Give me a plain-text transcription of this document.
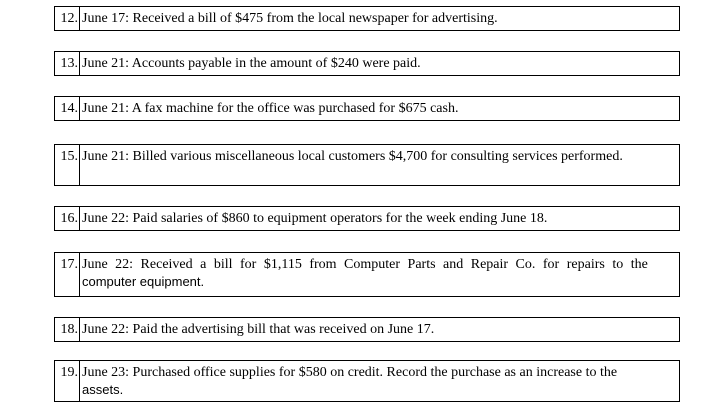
12. June 17: Received a bill of $475 from the local newspaper for advertising.
13. June 21: Accounts payable in the amount of $240 were paid.
14. June 21: A fax machine for the office was purchased for $675 cash.
15. June 21: Billed various miscellaneous local customers $4,700 for consulting services performed.
16. June 22: Paid salaries of $860 to equipment operators for the week ending June 18.
17. June 22: Received a bill for $1,115 from Computer Parts and Repair Co. for repairs to the
computer equipment.
18. June 22: Paid the advertising bill that was received on June 17.
19. June 23: Purchased office supplies for $580 on credit. Record the purchase as an increase to the
assets.
